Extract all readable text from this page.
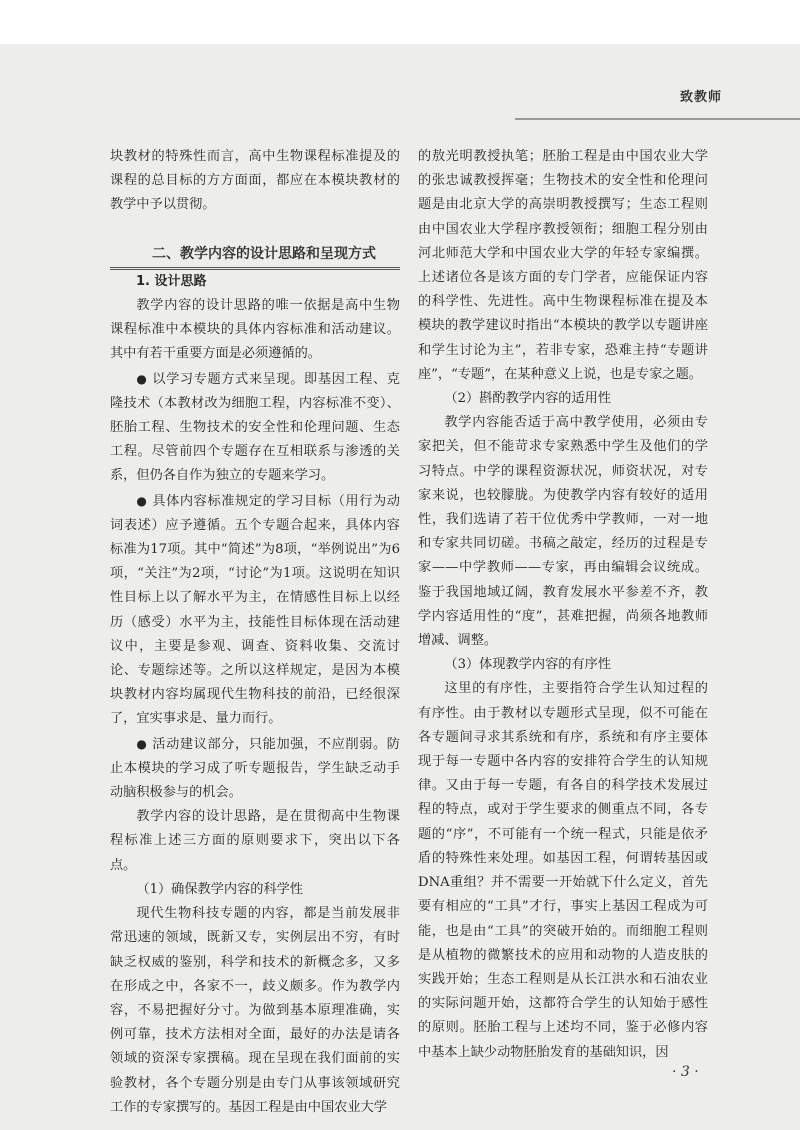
致教师

块教材的特殊性而言，高中生物课程标准提及的课程的总目标的方方面面，都应在本模块教材的教学中予以贯彻。

二、教学内容的设计思路和呈现方式

1. 设计思路

教学内容的设计思路的唯一依据是高中生物课程标准中本模块的具体内容标准和活动建议。其中有若干重要方面是必须遵循的。

● 以学习专题方式来呈现。即基因工程、克隆技术（本教材改为细胞工程，内容标准不变）、胚胎工程、生物技术的安全性和伦理问题、生态工程。尽管前四个专题存在互相联系与渗透的关系，但仍各自作为独立的专题来学习。

● 具体内容标准规定的学习目标（用行为动词表述）应予遵循。五个专题合起来，具体内容标准为17项。其中“简述”为8项，“举例说出”为6项，“关注”为2项，“讨论”为1项。这说明在知识性目标上以了解水平为主，在情感性目标上以经历（感受）水平为主，技能性目标体现在活动建议中，主要是参观、调查、资料收集、交流讨论、专题综述等。之所以这样规定，是因为本模块教材内容均属现代生物科技的前沿，已经很深了，宜实事求是、量力而行。

● 活动建议部分，只能加强，不应削弱。防止本模块的学习成了听专题报告，学生缺乏动手动脑积极参与的机会。

教学内容的设计思路，是在贯彻高中生物课程标准上述三方面的原则要求下，突出以下各点。

（1）确保教学内容的科学性

现代生物科技专题的内容，都是当前发展非常迅速的领域，既新又专，实例层出不穷，有时缺乏权威的鉴别，科学和技术的新概念多，又多在形成之中，各家不一，歧义颇多。作为教学内容，不易把握好分寸。为做到基本原理准确，实例可靠，技术方法相对全面，最好的办法是请各领域的资深专家撰稿。现在呈现在我们面前的实验教材，各个专题分别是由专门从事该领域研究工作的专家撰写的。基因工程是由中国农业大学

的敖光明教授执笔；胚胎工程是由中国农业大学的张忠诚教授挥毫；生物技术的安全性和伦理问题是由北京大学的高崇明教授撰写；生态工程则由中国农业大学程序教授领衔；细胞工程分别由河北师范大学和中国农业大学的年轻专家编撰。上述诸位各是该方面的专门学者，应能保证内容的科学性、先进性。高中生物课程标准在提及本模块的教学建议时指出“本模块的教学以专题讲座和学生讨论为主”，若非专家，恐难主持“专题讲座”，“专题”，在某种意义上说，也是专家之题。

（2）斟酌教学内容的适用性

教学内容能否适于高中教学使用，必须由专家把关，但不能苛求专家熟悉中学生及他们的学习特点。中学的课程资源状况，师资状况，对专家来说，也较朦胧。为使教学内容有较好的适用性，我们选请了若干位优秀中学教师，一对一地和专家共同切磋。书稿之敲定，经历的过程是专家——中学教师——专家，再由编辑会议统成。鉴于我国地域辽阔，教育发展水平参差不齐，教学内容适用性的“度”，甚难把握，尚须各地教师增减、调整。

（3）体现教学内容的有序性

这里的有序性，主要指符合学生认知过程的有序性。由于教材以专题形式呈现，似不可能在各专题间寻求其系统和有序，系统和有序主要体现于每一专题中各内容的安排符合学生的认知规律。又由于每一专题，有各自的科学技术发展过程的特点，或对于学生要求的侧重点不同，各专题的“序”，不可能有一个统一程式，只能是依矛盾的特殊性来处理。如基因工程，何谓转基因或DNA重组？并不需要一开始就下什么定义，首先要有相应的“工具”才行，事实上基因工程成为可能，也是由“工具”的突破开始的。而细胞工程则是从植物的微繁技术的应用和动物的人造皮肤的实践开始；生态工程则是从长江洪水和石油农业的实际问题开始，这都符合学生的认知始于感性的原则。胚胎工程与上述均不同，鉴于必修内容中基本上缺少动物胚胎发育的基础知识，因

· 3 ·
